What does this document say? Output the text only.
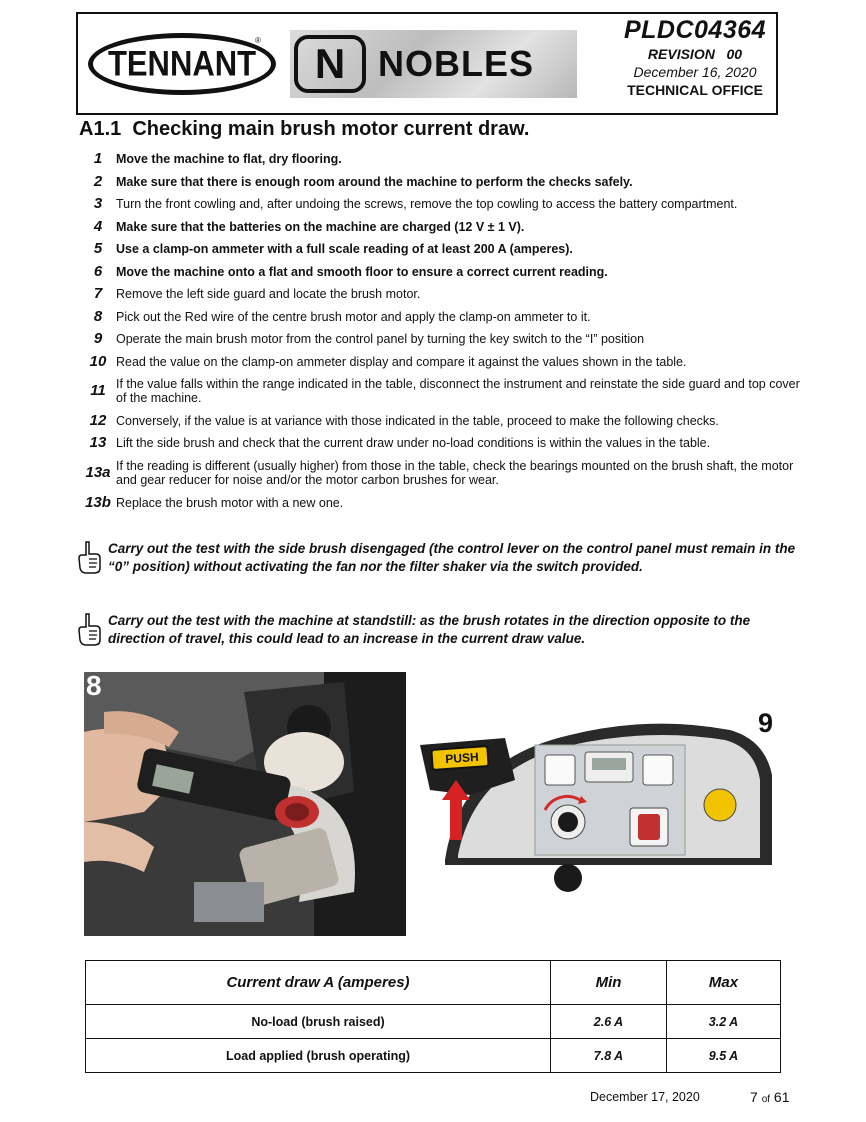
TENNANT
® N NOBLES
PLDC04364
REVISION   00
December 16, 2020
TECHNICAL OFFICE
A1.1  Checking main brush motor current draw.
1	Move the machine to flat, dry flooring.
2	Make sure that there is enough room around the machine to perform the checks safely.
3	Turn the front cowling and, after undoing the screws, remove the top cowling to access the battery compartment.
4	Make sure that the batteries on the machine are charged (12 V ± 1 V).
5	Use a clamp-on ammeter with a full scale reading of at least 200 A (amperes).
6	Move the machine onto a flat and smooth floor to ensure a correct current reading.
7	Remove the left side guard and locate the brush motor.
8	Pick out the Red wire of the centre brush motor and apply the clamp-on ammeter to it.
9	Operate the main brush motor from the control panel by turning the key switch to the “I” position
10 Read the value on the clamp-on ammeter display and compare it against the values shown in the table.
11 If the value falls within the range indicated in the table, disconnect the instrument and reinstate the side guard and top cover of the machine.
12 Conversely, if the value is at variance with those indicated in the table, proceed to make the following checks.
13 Lift the side brush and check that the current draw under no-load conditions is within the values in the table.
13a If the reading is different (usually higher) from those in the table, check the bearings mounted on the brush shaft, the motor and gear reducer for noise and/or the motor carbon brushes for wear.
13b Replace the brush motor with a new one.
Carry out the test with the side brush disengaged (the control lever on the control panel must remain in the “0” position) without activating the fan nor the filter shaker via the switch provided.
Carry out the test with the machine at standstill: as the brush rotates in the direction opposite to the direction of travel, this could lead to an increase in the current draw value.
8
PUSH
9
Current draw A (amperes)	Min	Max
No-load (brush raised)	2.6 A	3.2 A
Load applied (brush operating)	7.8 A	9.5 A
December 17, 2020	7 of 61
